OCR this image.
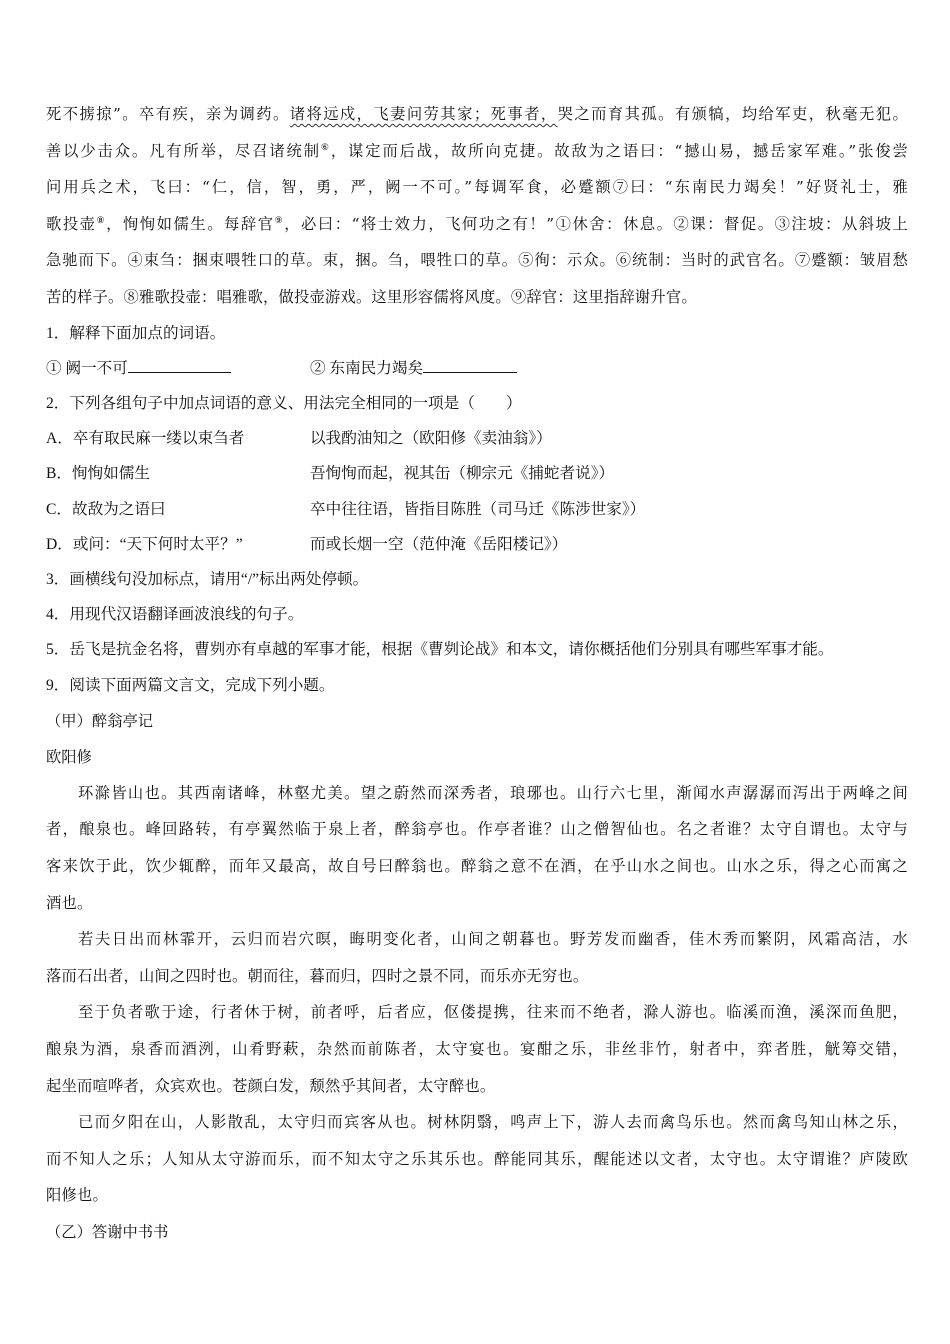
死不掳掠”。卒有疾，亲为调药。诸将远戍，飞妻问劳其家；死事者，哭之而育其孤。有颁犒，均给军吏，秋毫无犯。
善以少击众。凡有所举，尽召诸统制⑥，谋定而后战，故所向克捷。故敌为之语曰：“撼山易，撼岳家军难。”张俊尝
问用兵之术，飞曰：“仁，信，智，勇，严，阙一不可。”每调军食，必蹙额⑦曰：“东南民力竭矣！”好贤礼士，雅
歌投壶⑧，恂恂如儒生。每辞官⑨，必曰：“将士效力，飞何功之有！”①休舍：休息。②课：督促。③注坡：从斜坡上
急驰而下。④束刍：捆束喂牲口的草。束，捆。刍，喂牲口的草。⑤徇：示众。⑥统制：当时的武官名。⑦蹙额：皱眉愁
苦的样子。⑧雅歌投壶：唱雅歌，做投壶游戏。这里形容儒将风度。⑨辞官：这里指辞谢升官。
1．解释下面加点的词语。
① 阙一不可	② 东南民力竭矣
2．下列各组句子中加点词语的意义、用法完全相同的一项是（　　）
A．卒有取民麻一缕以束刍者	以我酌油知之（欧阳修《卖油翁》）
B．恂恂如儒生	吾恂恂而起，视其缶（柳宗元《捕蛇者说》）
C．故敌为之语曰	卒中往往语，皆指目陈胜（司马迁《陈涉世家》）
D．或问：“天下何时太平？”	而或长烟一空（范仲淹《岳阳楼记》）
3．画横线句没加标点，请用“/”标出两处停顿。
4．用现代汉语翻译画波浪线的句子。
5．岳飞是抗金名将，曹刿亦有卓越的军事才能，根据《曹刿论战》和本文，请你概括他们分别具有哪些军事才能。
9．阅读下面两篇文言文，完成下列小题。
（甲）醉翁亭记
欧阳修
环滁皆山也。其西南诸峰，林壑尤美。望之蔚然而深秀者，琅琊也。山行六七里，渐闻水声潺潺而泻出于两峰之间
者，酿泉也。峰回路转，有亭翼然临于泉上者，醉翁亭也。作亭者谁？山之僧智仙也。名之者谁？太守自谓也。太守与
客来饮于此，饮少辄醉，而年又最高，故自号曰醉翁也。醉翁之意不在酒，在乎山水之间也。山水之乐，得之心而寓之
酒也。
若夫日出而林霏开，云归而岩穴暝，晦明变化者，山间之朝暮也。野芳发而幽香，佳木秀而繁阴，风霜高洁，水
落而石出者，山间之四时也。朝而往，暮而归，四时之景不同，而乐亦无穷也。
至于负者歌于途，行者休于树，前者呼，后者应，伛偻提携，往来而不绝者，滁人游也。临溪而渔，溪深而鱼肥，
酿泉为酒，泉香而酒洌，山肴野蔌，杂然而前陈者，太守宴也。宴酣之乐，非丝非竹，射者中，弈者胜，觥筹交错，
起坐而喧哗者，众宾欢也。苍颜白发，颓然乎其间者，太守醉也。
已而夕阳在山，人影散乱，太守归而宾客从也。树林阴翳，鸣声上下，游人去而禽鸟乐也。然而禽鸟知山林之乐，
而不知人之乐；人知从太守游而乐，而不知太守之乐其乐也。醉能同其乐，醒能述以文者，太守也。太守谓谁？庐陵欧
阳修也。
（乙）答谢中书书
